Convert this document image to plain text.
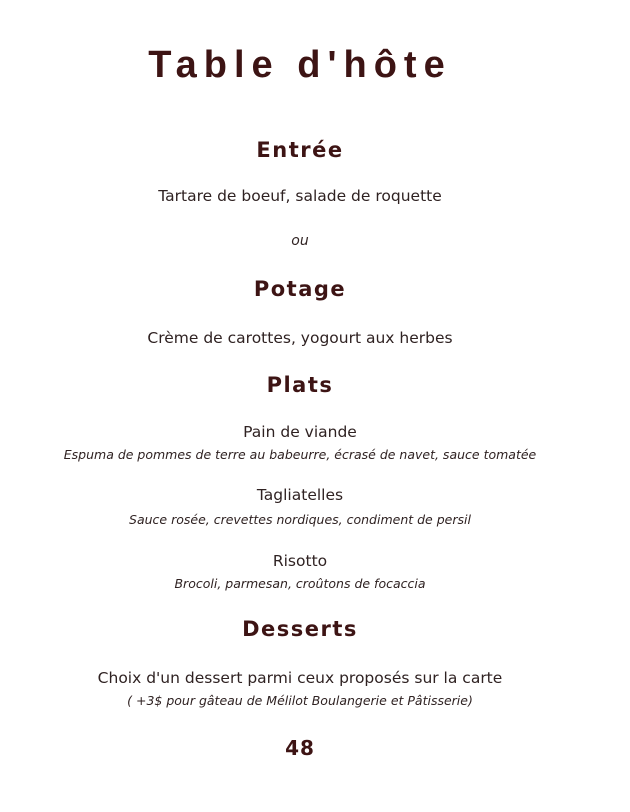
Table d'hôte
Entrée
Tartare de boeuf, salade de roquette
ou
Potage
Crème de carottes, yogourt aux herbes
Plats
Pain de viande
Espuma de pommes de terre au babeurre, écrasé de navet, sauce tomatée
Tagliatelles
Sauce rosée, crevettes nordiques, condiment de persil
Risotto
Brocoli, parmesan, croûtons de focaccia
Desserts
Choix d'un dessert parmi ceux proposés sur la carte
( +3$ pour gâteau de Mélilot Boulangerie et Pâtisserie)
48
